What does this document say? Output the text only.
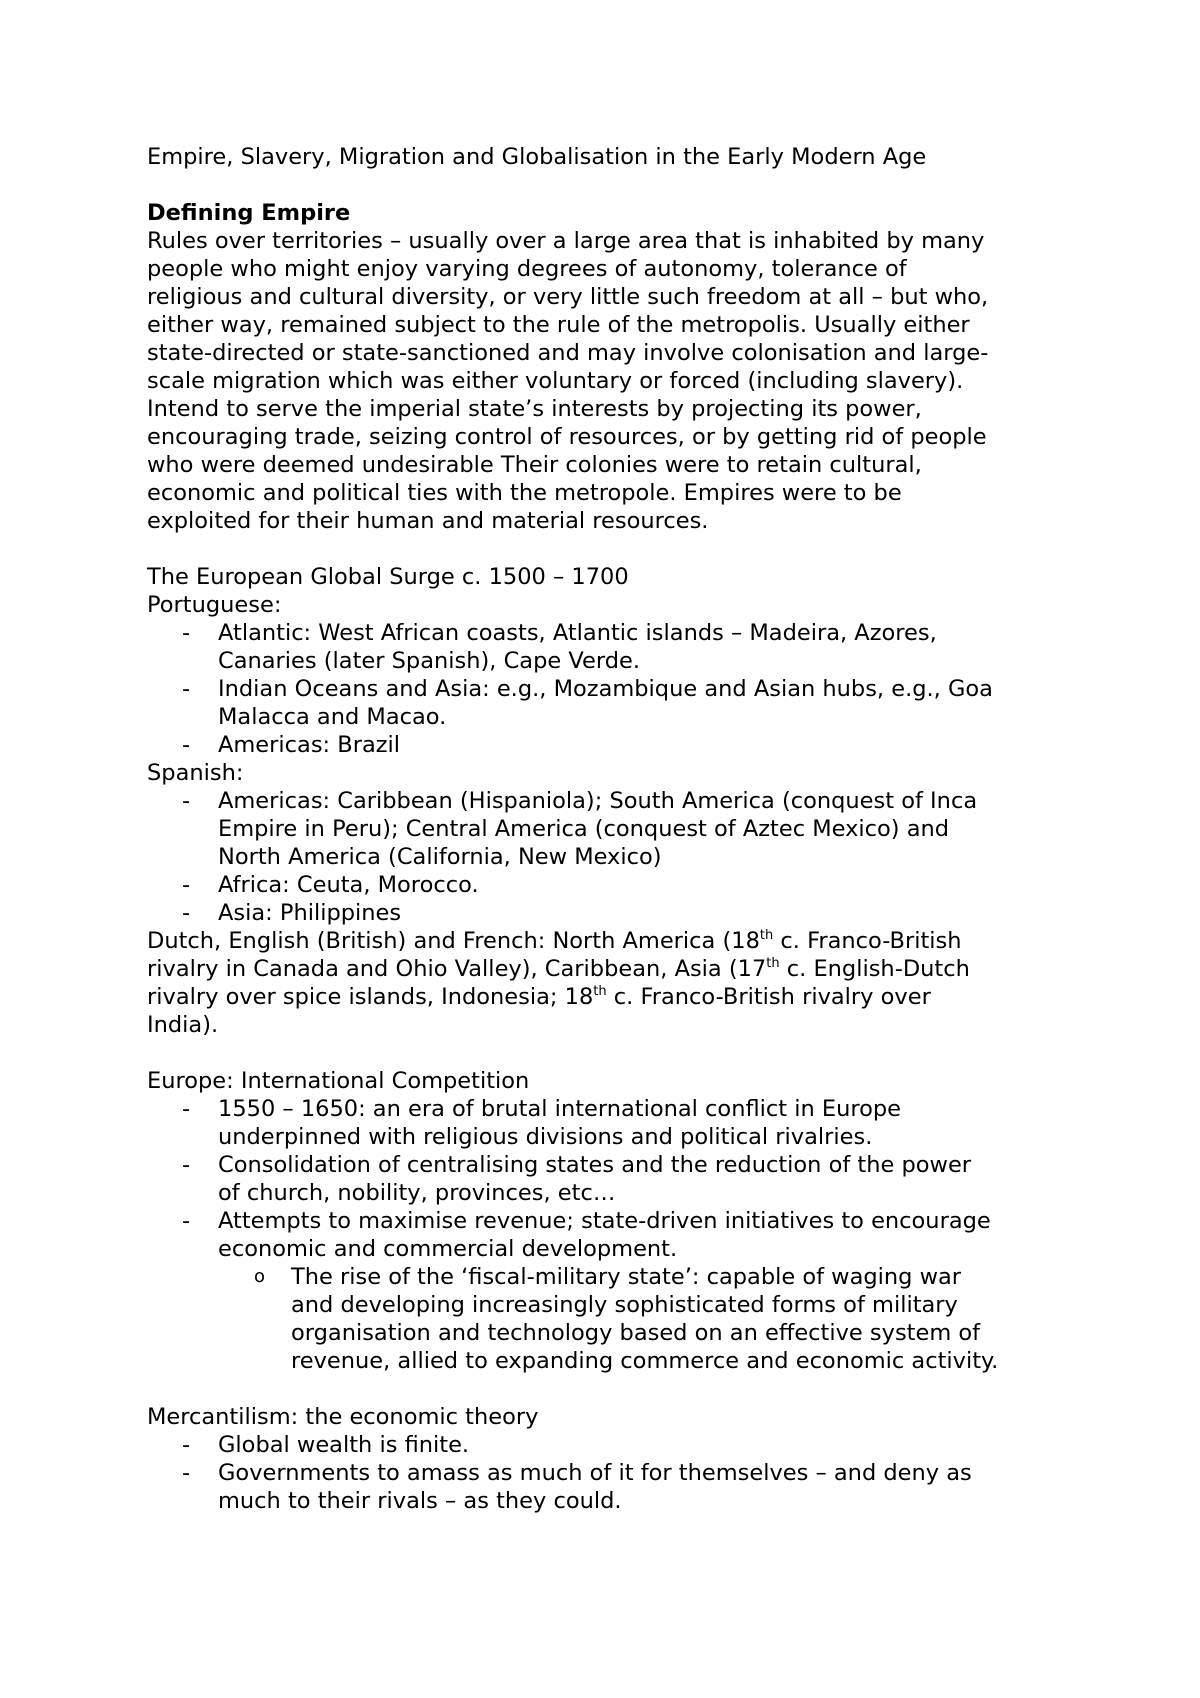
Empire, Slavery, Migration and Globalisation in the Early Modern Age
Defining Empire
Rules over territories – usually over a large area that is inhabited by many
people who might enjoy varying degrees of autonomy, tolerance of
religious and cultural diversity, or very little such freedom at all – but who,
either way, remained subject to the rule of the metropolis. Usually either
state-directed or state-sanctioned and may involve colonisation and large-
scale migration which was either voluntary or forced (including slavery).
Intend to serve the imperial state’s interests by projecting its power,
encouraging trade, seizing control of resources, or by getting rid of people
who were deemed undesirable Their colonies were to retain cultural,
economic and political ties with the metropole. Empires were to be
exploited for their human and material resources.
The European Global Surge c. 1500 – 1700
Portuguese:
- Atlantic: West African coasts, Atlantic islands – Madeira, Azores,
Canaries (later Spanish), Cape Verde.
- Indian Oceans and Asia: e.g., Mozambique and Asian hubs, e.g., Goa
Malacca and Macao.
- Americas: Brazil
Spanish:
- Americas: Caribbean (Hispaniola); South America (conquest of Inca
Empire in Peru); Central America (conquest of Aztec Mexico) and
North America (California, New Mexico)
- Africa: Ceuta, Morocco.
- Asia: Philippines
Dutch, English (British) and French: North America (18th c. Franco-British
rivalry in Canada and Ohio Valley), Caribbean, Asia (17th c. English-Dutch
rivalry over spice islands, Indonesia; 18th c. Franco-British rivalry over
India).
Europe: International Competition
- 1550 – 1650: an era of brutal international conflict in Europe
underpinned with religious divisions and political rivalries.
- Consolidation of centralising states and the reduction of the power
of church, nobility, provinces, etc…
- Attempts to maximise revenue; state-driven initiatives to encourage
economic and commercial development.
o The rise of the ‘fiscal-military state’: capable of waging war
and developing increasingly sophisticated forms of military
organisation and technology based on an effective system of
revenue, allied to expanding commerce and economic activity.
Mercantilism: the economic theory
- Global wealth is finite.
- Governments to amass as much of it for themselves – and deny as
much to their rivals – as they could.
